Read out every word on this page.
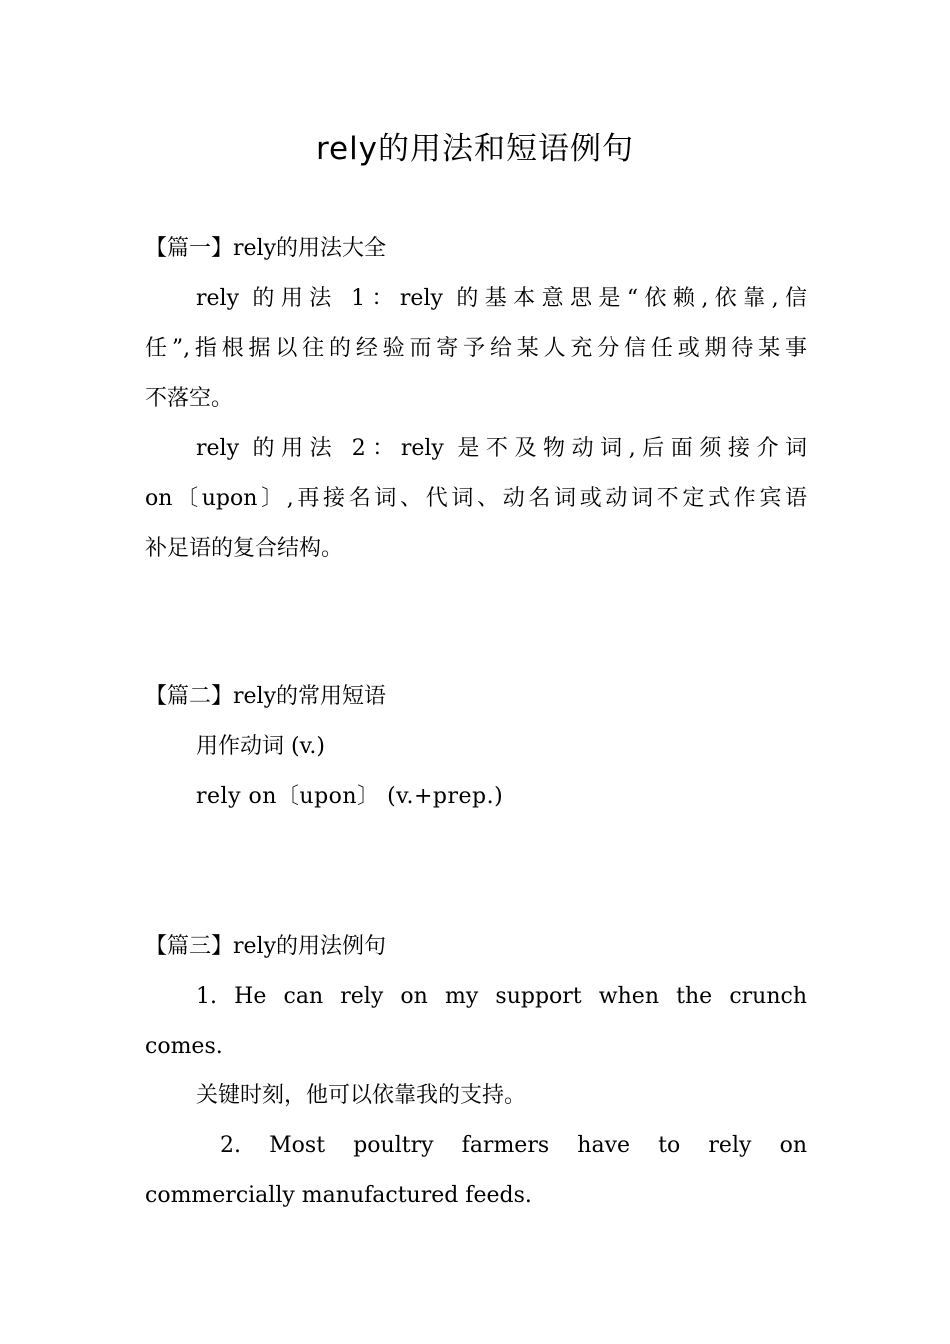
rely的用法和短语例句
【篇一】rely的用法大全
rely 的用法 1：rely 的基本意思是“依赖,依靠,信
任”,指根据以往的经验而寄予给某人充分信任或期待某事
不落空。
rely 的用法 2：rely 是不及物动词,后面须接介词
on〔upon〕,再接名词、代词、动名词或动词不定式作宾语
补足语的复合结构。
【篇二】rely的常用短语
用作动词 (v.)
rely on〔upon〕 (v.+prep.)
【篇三】rely的用法例句
1. He can rely on my support when the crunch
comes.
关键时刻，他可以依靠我的支持。
2. Most poultry farmers have to rely on
commercially manufactured feeds.
